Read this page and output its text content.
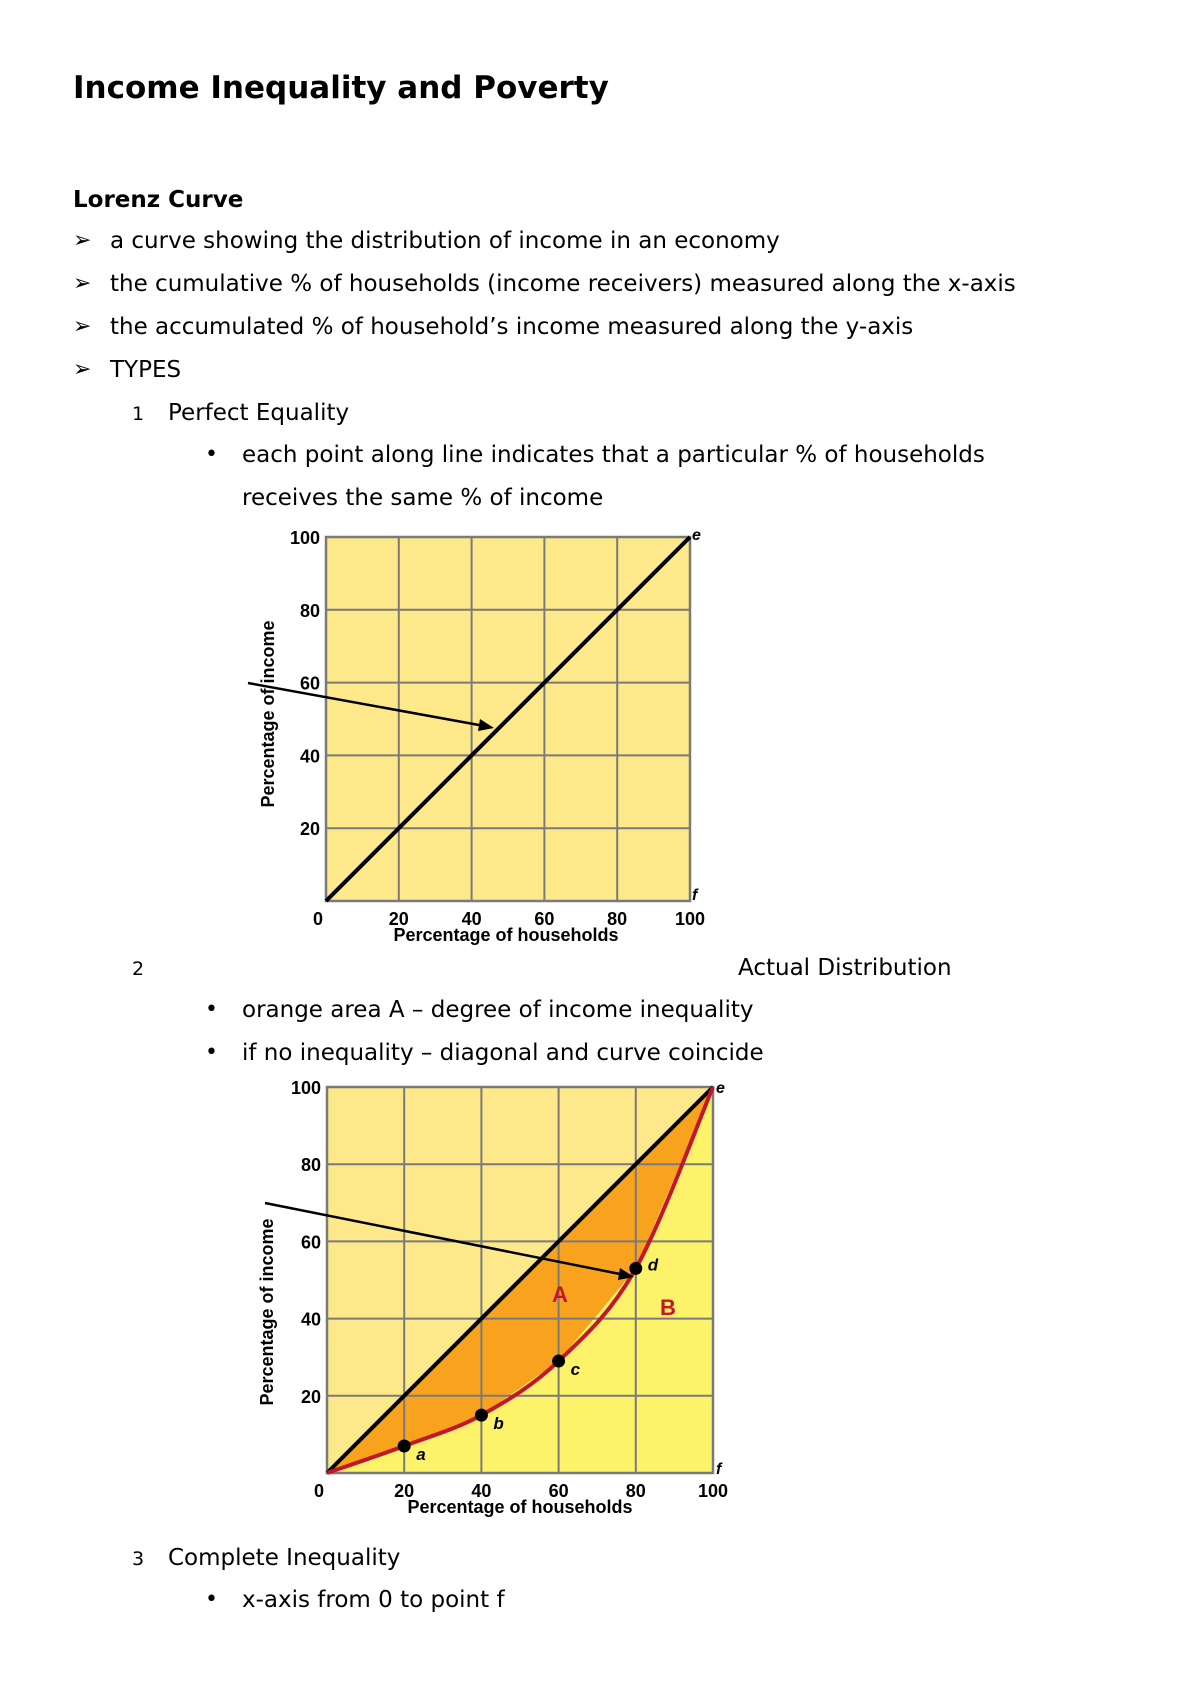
Income Inequality and Poverty
Lorenz Curve
➢ a curve showing the distribution of income in an economy
➢ the cumulative % of households (income receivers) measured along the x-axis
➢ the accumulated % of household’s income measured along the y-axis
➢ TYPES
1 Perfect Equality
• each point along line indicates that a particular % of households
receives the same % of income
2	Actual Distribution
• orange area A – degree of income inequality
• if no inequality – diagonal and curve coincide
3 Complete Inequality
• x-axis from 0 to point f
0	20	40	60	80	100
20
40
60
80
100
Percentage of income
Percentage of households
e
f
a
b
c
d
0	20	40	60	80	100
20
40
60
80
100
Percentage of income
Percentage of households
e
f
A
B
